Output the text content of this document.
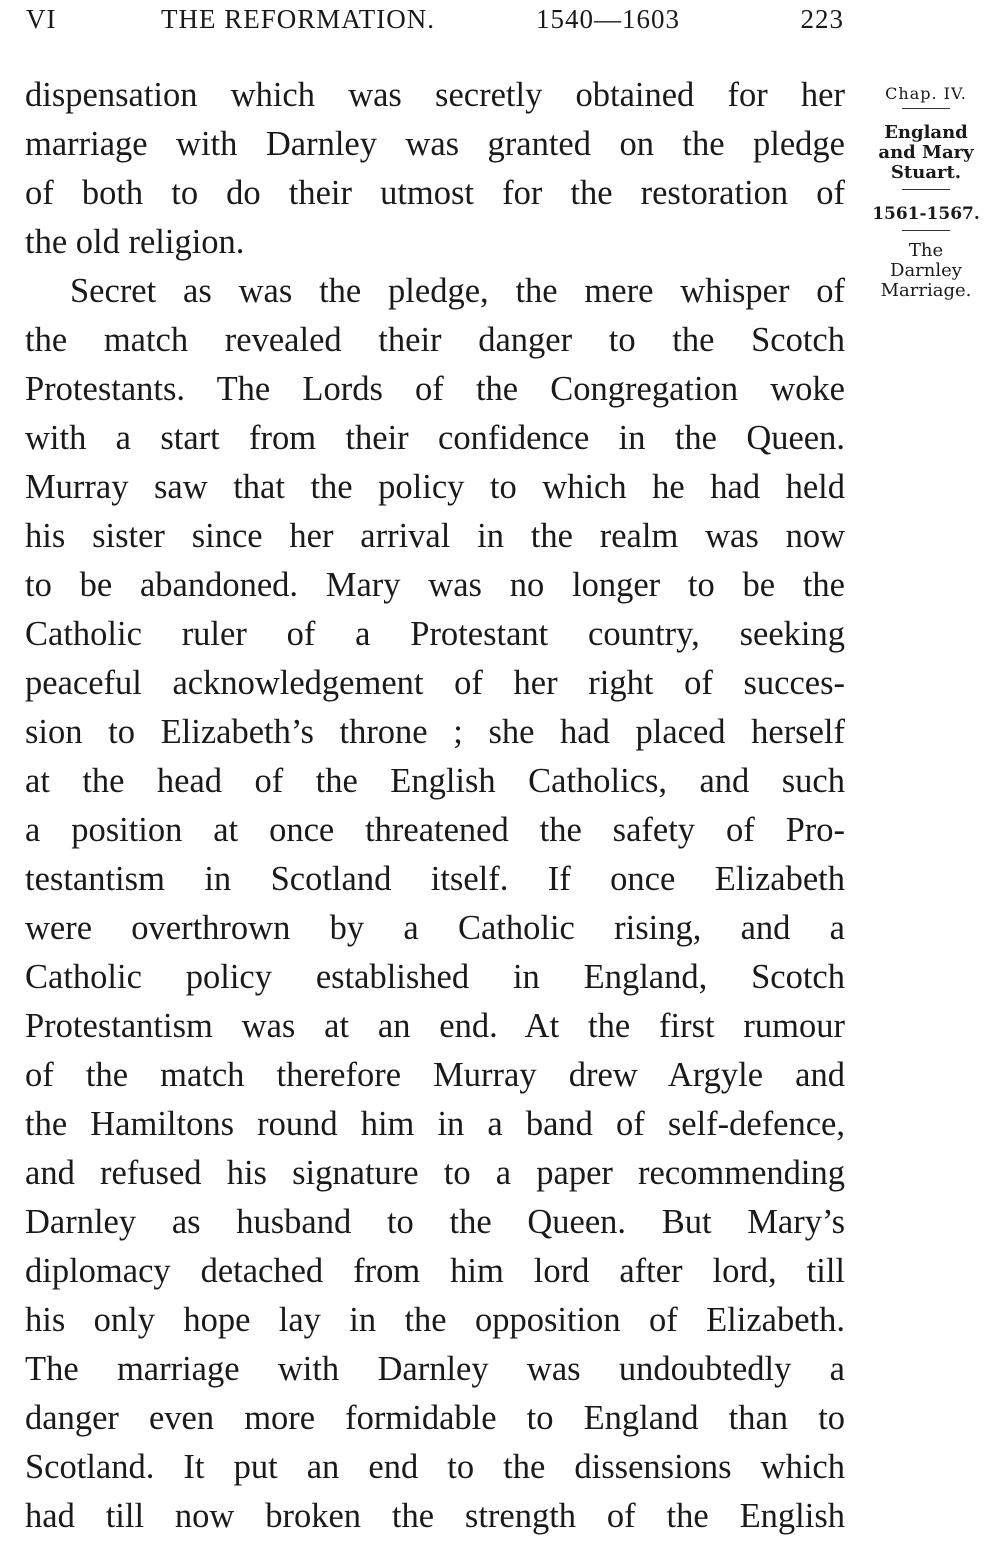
VI	THE REFORMATION.	1540—1603	223

dispensation which was secretly obtained for her
marriage with Darnley was granted on the pledge
of both to do their utmost for the restoration of
the old religion.

Secret as was the pledge, the mere whisper of
the match revealed their danger to the Scotch
Protestants. The Lords of the Congregation woke
with a start from their confidence in the Queen.
Murray saw that the policy to which he had held
his sister since her arrival in the realm was now
to be abandoned. Mary was no longer to be the
Catholic ruler of a Protestant country, seeking
peaceful acknowledgement of her right of succes-
sion to Elizabeth’s throne ; she had placed herself
at the head of the English Catholics, and such
a position at once threatened the safety of Pro-
testantism in Scotland itself. If once Elizabeth
were overthrown by a Catholic rising, and a
Catholic policy established in England, Scotch
Protestantism was at an end. At the first rumour
of the match therefore Murray drew Argyle and
the Hamiltons round him in a band of self-defence,
and refused his signature to a paper recommending
Darnley as husband to the Queen. But Mary’s
diplomacy detached from him lord after lord, till
his only hope lay in the opposition of Elizabeth.
The marriage with Darnley was undoubtedly a
danger even more formidable to England than to
Scotland. It put an end to the dissensions which
had till now broken the strength of the English

Chap. IV.
England
and Mary
Stuart.
1561-1567.
The
Darnley
Marriage.
